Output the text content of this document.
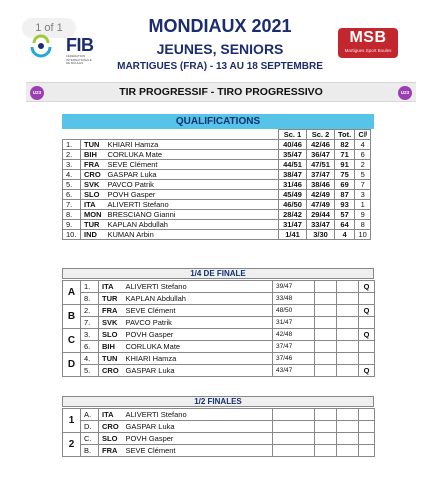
1 of 1
FIB
FÉDÉRATION INTERNATIONALE DE BOULES
MONDIAUX 2021
JEUNES, SENIORS
MARTIGUES (FRA) - 13 AU 18 SEPTEMBRE
MSB
Martigues Sport Boules
U23	TIR PROGRESSIF - TIRO PROGRESSIVO	U23
QUALIFICATIONS
			Sc. 1	Sc. 2	Tot.	Clˡ
1.	TUN	KHIARI Hamza	40/46	42/46	82	4
2.	BIH	CORLUKA Mate	35/47	36/47	71	6
3.	FRA	SEVE Clément	44/51	47/51	91	2
4.	CRO	GASPAR Luka	38/47	37/47	75	5
5.	SVK	PAVCO Patrik	31/46	38/46	69	7
6.	SLO	POVH Gasper	45/49	42/49	87	3
7.	ITA	ALIVERTI Stefano	46/50	47/49	93	1
8.	MON	BRESCIANO Gianni	28/42	29/44	57	9
9.	TUR	KAPLAN Abdullah	31/47	33/47	64	8
10.	IND	KUMAN Arbin	1/41	3/30	4	10
1/4 DE FINALE
A	1.	ITA	ALIVERTI Stefano	39/47			Q
	8.	TUR	KAPLAN Abdullah	33/48			
B	2.	FRA	SEVE Clément	48/50			Q
	7.	SVK	PAVCO Patrik	31/47			
C	3.	SLO	POVH Gasper	42/48			Q
	6.	BIH	CORLUKA Mate	37/47			
D	4.	TUN	KHIARI Hamza	37/46			
	5.	CRO	GASPAR Luka	43/47			Q
1/2 FINALES
1	A.	ITA	ALIVERTI Stefano				
	D.	CRO	GASPAR Luka				
2	C.	SLO	POVH Gasper				
	B.	FRA	SEVE Clément				
